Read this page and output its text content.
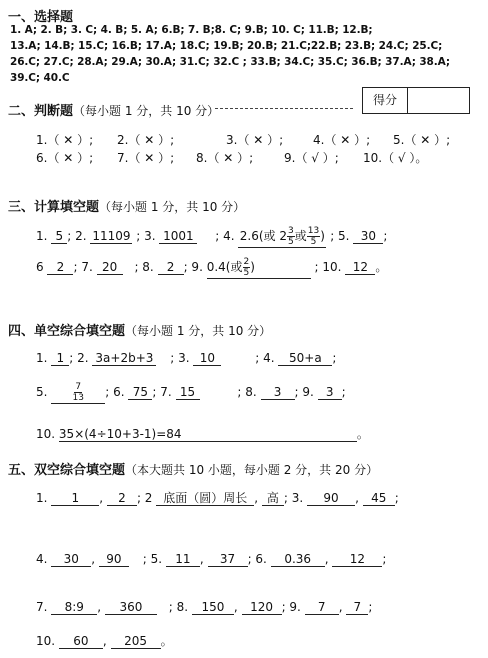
一、选择题
1. A; 2. B; 3. C; 4. B; 5. A; 6.B; 7. B;8. C; 9.B; 10. C; 11.B; 12.B;
13.A; 14.B; 15.C; 16.B; 17.A; 18.C; 19.B; 20.B; 21.C;22.B; 23.B; 24.C; 25.C;
26.C; 27.C; 28.A; 29.A; 30.A; 31.C; 32.C ; 33.B; 34.C; 35.C; 36.B; 37.A; 38.A;
39.C; 40.C
二、判断题（每小题 1 分，共 10 分）
得分
1.（ ✕ ）; 2.（ ✕ ）;	3.（ ✕ ）; 4.（ ✕ ）; 5.（ ✕ ）;
6.（ ✕ ）; 7.（ ✕ ）; 8.（ ✕ ）;	9.（ √ ）; 10.（ √ ）。
三、计算填空题（每小题 1 分，共 10 分）
1. 5 ; 2. 11109 ; 3. 1001 ; 4. 2.6(或 $2 \frac{3}{5}$ 或 $\frac{13}{5}$ ) ; 5. 30 ;
6 2 ; 7. 20 ; 8. 2 ; 9. 0.4(或 $\frac{2}{5}$ )	; 10. 12 。
四、单空综合填空题（每小题 1 分，共 10 分）
1. 1 ; 2. 3a+2b+3 ; 3. 10	; 4. 50+a ;
5.	$\frac{7}{13}$ ; 6. 75 ; 7. 15	; 8. 3 ; 9. 3 ;
10. 35×(4÷10+3-1)=84	。
五、双空综合填空题（本大题共 10 小题，每小题 2 分，共 20 分）
1. 1 , 2 ; 2 底面（圆）周长 , 高 ; 3. 90 , 45 ;
4. 30 , 90 ; 5. 11 , 37 ; 6. 0.36 , 12 ;
7. 8:9 , 360 ; 8. 150 , 120 ; 9. 7 , 7 ;
10. 60 , 205 。
